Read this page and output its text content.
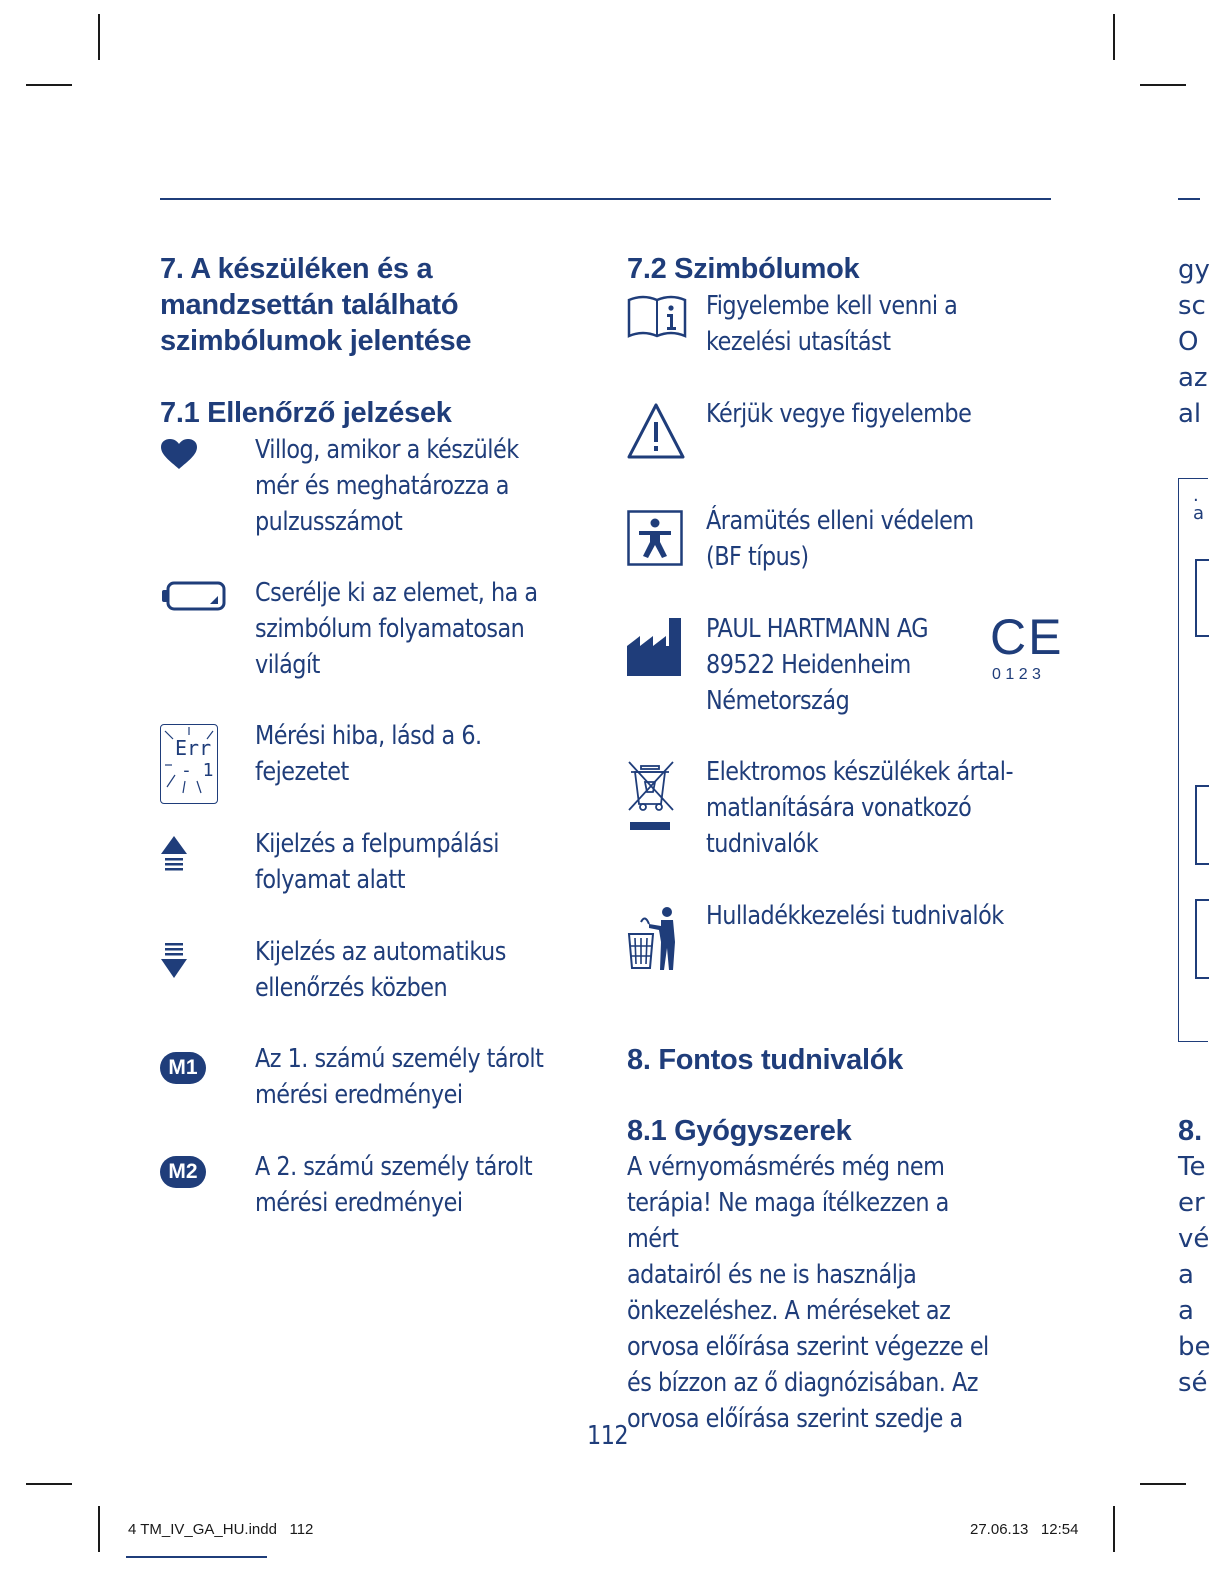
7. A készüléken és a
mandzsettán található
szimbólumok jelentése
7.1 Ellenőrző jelzések
Villog, amikor a készülék
mér és meghatározza a
pulzusszámot
Cserélje ki az elemet, ha a
szimbólum folyamatosan
világít
Err
- 1
Mérési hiba, lásd a 6.
fejezetet
Kijelzés a felpumpálási
folyamat alatt
Kijelzés az automatikus
ellenőrzés közben
M1	Az 1. számú személy tárolt
mérési eredményei
M2	A 2. számú személy tárolt
mérési eredményei
7.2 Szimbólumok
Figyelembe kell venni a
kezelési utasítást
Kérjük vegye figyelembe
Áramütés elleni védelem
(BF típus)
PAUL HARTMANN AG
89522 Heidenheim
Németország
CE
0 1 2 3
Elektromos készülékek ártal-
matlanítására vonatkozó
tudnivalók
Hulladékkezelési tudnivalók
8. Fontos tudnivalók
8.1 Gyógyszerek
A vérnyomásmérés még nem
terápia! Ne maga ítélkezzen a mért
adatairól és ne is használja
önkezeléshez. A méréseket az
orvosa előírása szerint végezze el
és bízzon az ő diagnózisában. Az
orvosa előírása szerint szedje a
112
gy
sc
O
az
al
.
a
8.
Te
er
vé
a
a
be
sé
4 TM_IV_GA_HU.indd   112	27.06.13   12:54
